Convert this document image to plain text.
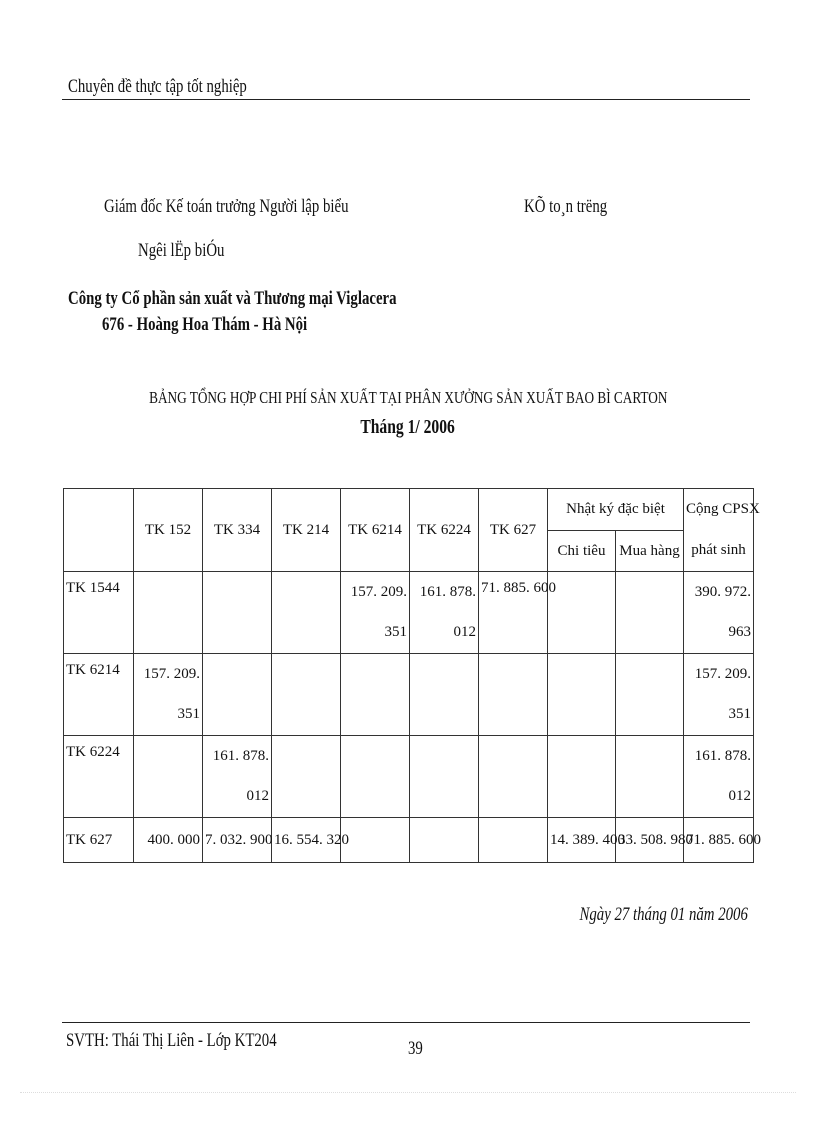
Chuyên đề thực tập tốt nghiệp
Giám đốc Kế toán trưởng Người lập biểu	KÕ to¸n trëng
Ngêi lËp biÓu
Công ty Cổ phần sản xuất và Thương mại Viglacera
676 - Hoàng Hoa Thám - Hà Nội
BẢNG TỔNG HỢP CHI PHÍ SẢN XUẤT TẠI PHÂN XƯỞNG SẢN XUẤT BAO BÌ CARTON
Tháng 1/ 2006
	TK 152	TK 334	TK 214	TK 6214	TK 6224	TK 627	Nhật ký đặc biệt		Cộng CPSX
							Chi tiêu	Mua hàng	phát sinh
TK 1544				157. 209.	161. 878.	71. 885. 600			390. 972.
				351	012				963
TK 6214	157. 209.								157. 209.
	351								351
TK 6224		161. 878.							161. 878.
		012							012
TK 627	400. 000	7. 032. 900	16. 554. 320				14. 389. 400	33. 508. 980	71. 885. 600
Ngày 27 tháng 01 năm 2006
SVTH: Thái Thị Liên - Lớp KT204	39
